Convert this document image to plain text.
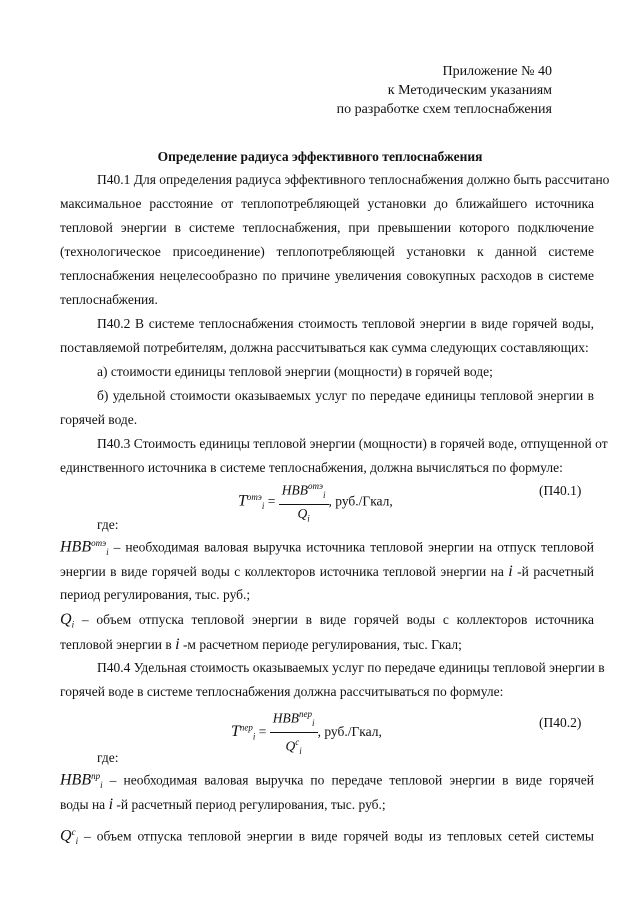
Приложение № 40
к Методическим указаниям
по разработке схем теплоснабжения
Определение радиуса эффективного теплоснабжения
П40.1 Для определения радиуса эффективного теплоснабжения должно быть рассчитано
максимальное расстояние от теплопотребляющей установки до ближайшего источника
тепловой энергии в системе теплоснабжения, при превышении которого подключение
(технологическое присоединение) теплопотребляющей установки к данной системе
теплоснабжения нецелесообразно по причине увеличения совокупных расходов в системе
теплоснабжения.
П40.2 В системе теплоснабжения стоимость тепловой энергии в виде горячей воды,
поставляемой потребителям, должна рассчитываться как сумма следующих составляющих:
а) стоимости единицы тепловой энергии (мощности) в горячей воде;
б) удельной стоимости оказываемых услуг по передаче единицы тепловой энергии в
горячей воде.
П40.3 Стоимость единицы тепловой энергии (мощности) в горячей воде, отпущенной от
единственного источника в системе теплоснабжения, должна вычисляться по формуле:
$T^{отэ}_i = \frac{HBB^{отэ}_i}{Q_i}$ , руб./Гкал,
(П40.1)
где:
$HBB^{отэ}_i$ – необходимая валовая выручка источника тепловой энергии на отпуск тепловой
энергии в виде горячей воды с коллекторов источника тепловой энергии на i -й расчетный
период регулирования, тыс. руб.;
$Q_i$ – объем отпуска тепловой энергии в виде горячей воды с коллекторов источника
тепловой энергии в i -м расчетном периоде регулирования, тыс. Гкал;
П40.4 Удельная стоимость оказываемых услуг по передаче единицы тепловой энергии в
горячей воде в системе теплоснабжения должна рассчитываться по формуле:
$T^{пер}_i = \frac{HBB^{пер}_i}{Q^c_i}$ , руб./Гкал,
(П40.2)
где:
$HBB^{пр}_i$ – необходимая валовая выручка по передаче тепловой энергии в виде горячей
воды на i -й расчетный период регулирования, тыс. руб.;
$Q^c_i$ – объем отпуска тепловой энергии в виде горячей воды из тепловых сетей системы
